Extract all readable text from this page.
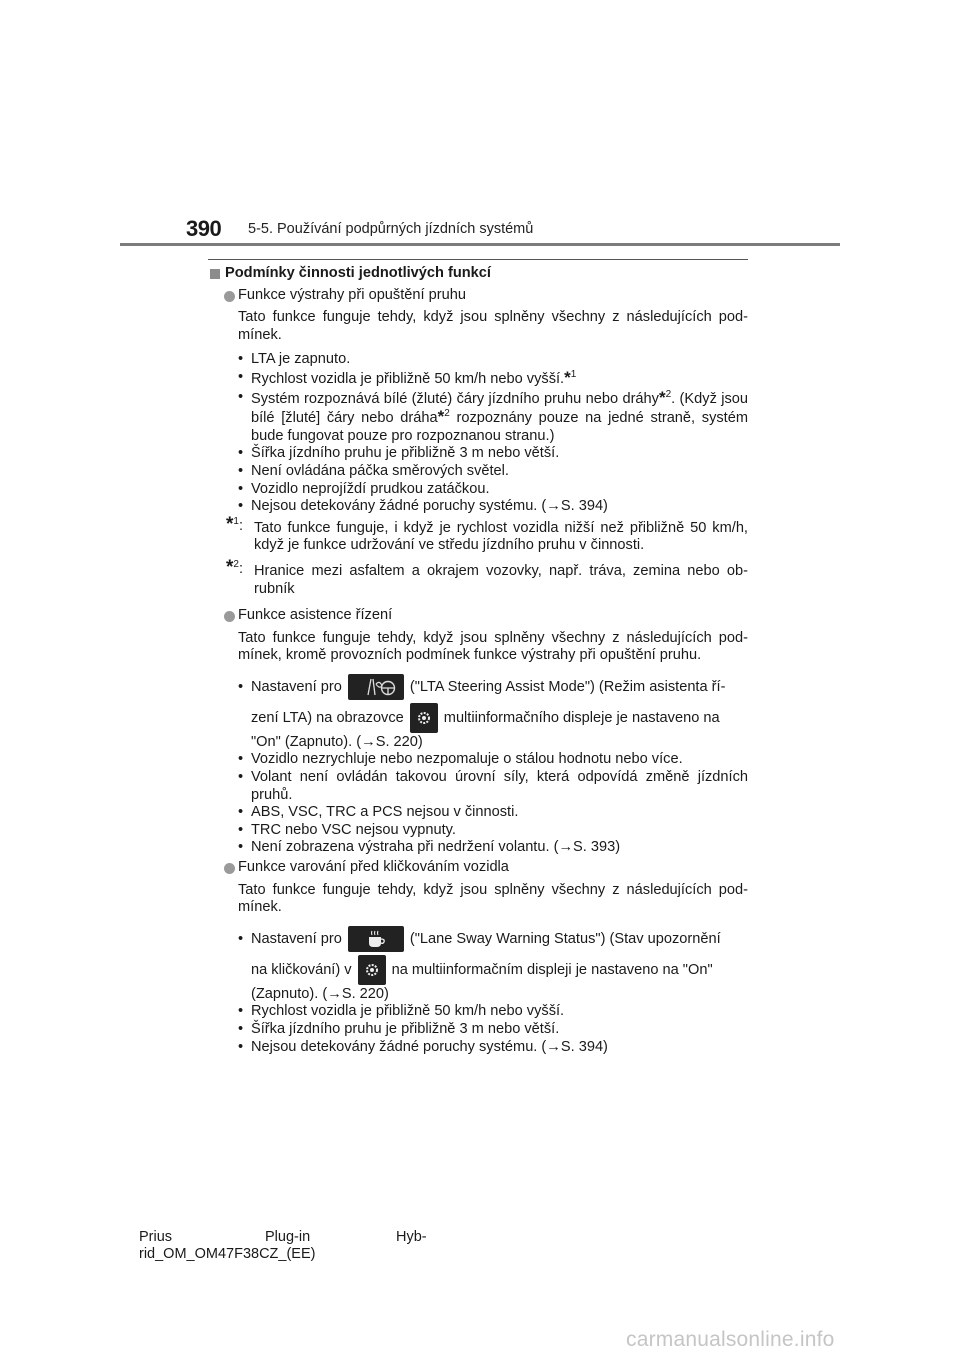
390 5-5. Používání podpůrných jízdních systémů
Podmínky činnosti jednotlivých funkcí
Funkce výstrahy při opuštění pruhu
Tato funkce funguje tehdy, když jsou splněny všechny z následujících pod-mínek.
• LTA je zapnuto.
• Rychlost vozidla je přibližně 50 km/h nebo vyšší.*$^1$
• Systém rozpoznává bílé (žluté) čáry jízdního pruhu nebo dráhy*$^2$. (Když jsou bílé [žluté] čáry nebo dráha*$^2$ rozpoznány pouze na jedné straně, systém bude fungovat pouze pro rozpoznanou stranu.)
• Šířka jízdního pruhu je přibližně 3 m nebo větší.
• Není ovládána páčka směrových světel.
• Vozidlo neprojíždí prudkou zatáčkou.
• Nejsou detekovány žádné poruchy systému. (→S. 394)
*$^1$: Tato funkce funguje, i když je rychlost vozidla nižší než přibližně 50 km/h, když je funkce udržování ve středu jízdního pruhu v činnosti.
*$^2$: Hranice mezi asfaltem a okrajem vozovky, např. tráva, zemina nebo ob-rubník
Funkce asistence řízení
Tato funkce funguje tehdy, když jsou splněny všechny z následujících pod-mínek, kromě provozních podmínek funkce výstrahy při opuštění pruhu.
• Nastavení pro	("LTA Steering Assist Mode") (Režim asistenta ří-
zení LTA) na obrazovce	multiinformačního displeje je nastaveno na

"On" (Zapnuto). (→S. 220)
• Vozidlo nezrychluje nebo nezpomaluje o stálou hodnotu nebo více.
• Volant není ovládán takovou úrovní síly, která odpovídá změně jízdních pruhů.
• ABS, VSC, TRC a PCS nejsou v činnosti.
• TRC nebo VSC nejsou vypnuty.
• Není zobrazena výstraha při nedržení volantu. (→S. 393)
Funkce varování před kličkováním vozidla
Tato funkce funguje tehdy, když jsou splněny všechny z následujících pod-mínek.
• Nastavení pro	("Lane Sway Warning Status") (Stav upozornění
na kličkování) v	na multiinformačním displeji je nastaveno na "On"

(Zapnuto). (→S. 220)
• Rychlost vozidla je přibližně 50 km/h nebo vyšší.
• Šířka jízdního pruhu je přibližně 3 m nebo větší.
• Nejsou detekovány žádné poruchy systému. (→S. 394)
Prius	Plug-in	Hyb-
rid_OM_OM47F38CZ_(EE)
carmanualsonline.info
